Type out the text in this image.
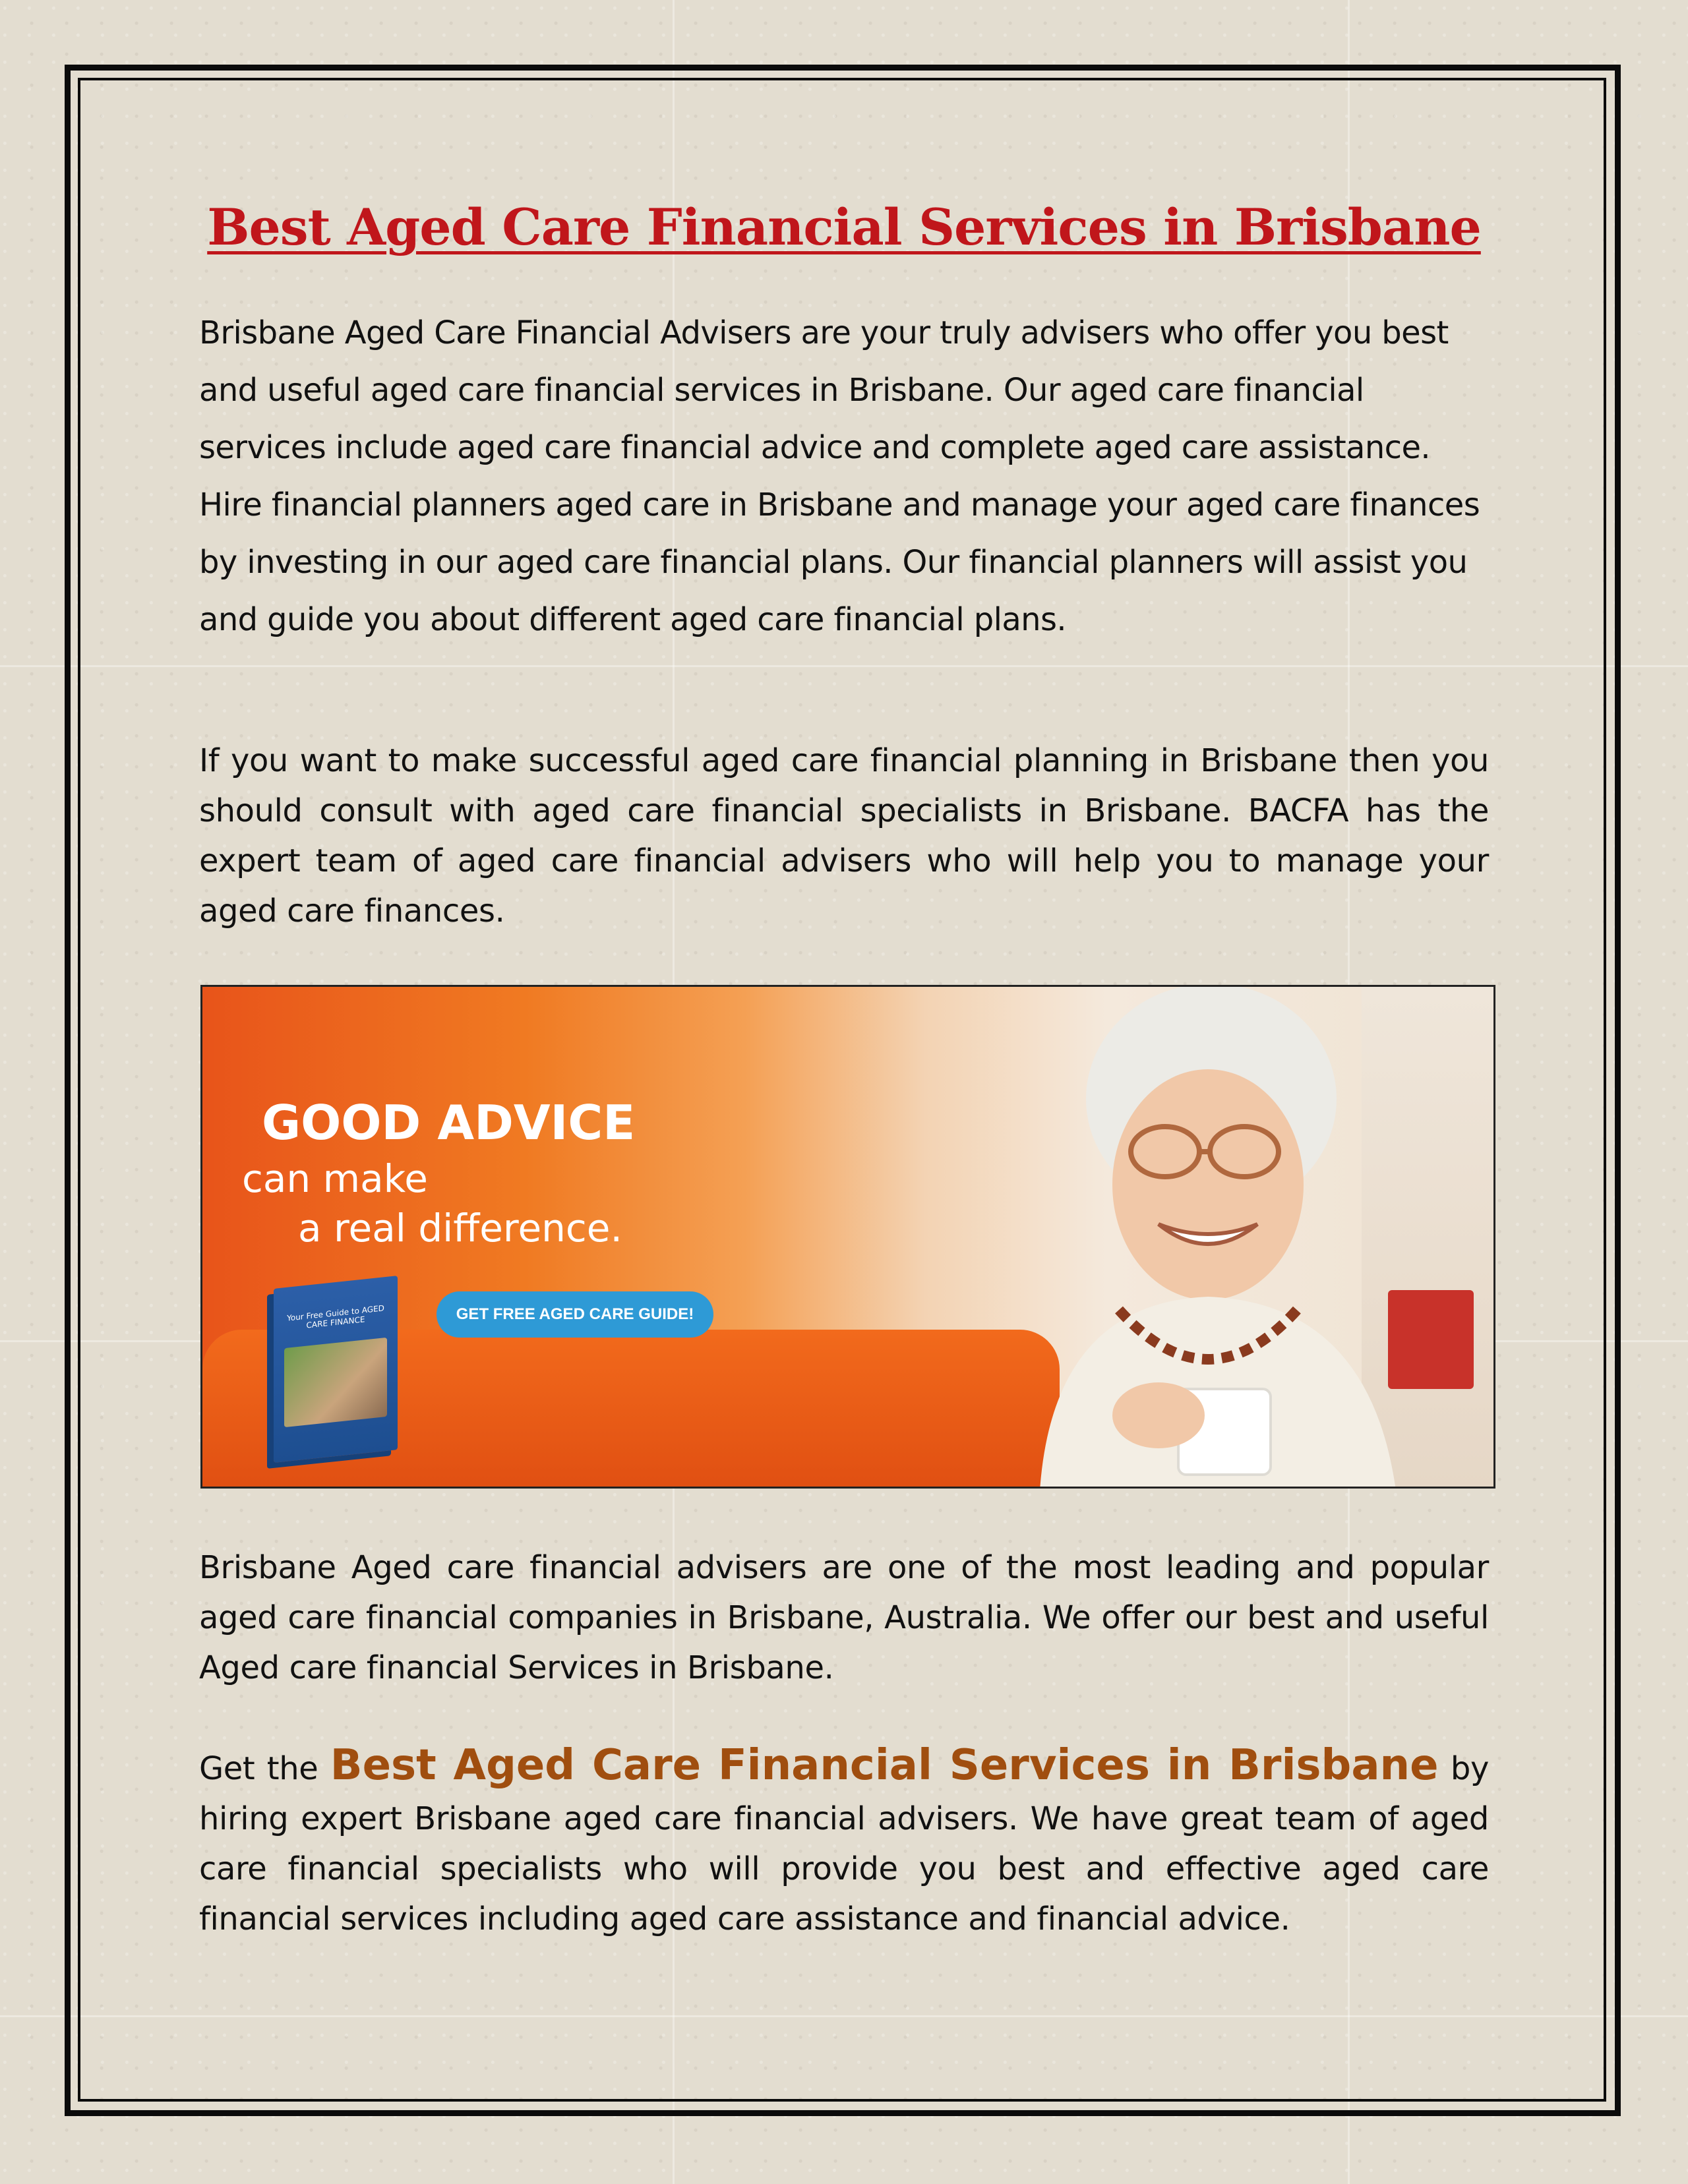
Best Aged Care Financial Services in Brisbane

Brisbane Aged Care Financial Advisers are your truly advisers who offer you best and useful aged care financial services in Brisbane. Our aged care financial services include aged care financial advice and complete aged care assistance. Hire financial planners aged care in Brisbane and manage your aged care finances by investing in our aged care financial plans. Our financial planners will assist you and guide you about different aged care financial plans.

If you want to make successful aged care financial planning in Brisbane then you should consult with aged care financial specialists in Brisbane. BACFA has the expert team of aged care financial advisers who will help you to manage your aged care finances.

GOOD ADVICE

can make

a real difference.

Your Free Guide to AGED CARE FINANCE	GET FREE AGED CARE GUIDE!

Brisbane Aged care financial advisers are one of the most leading and popular aged care financial companies in Brisbane, Australia. We offer our best and useful Aged care financial Services in Brisbane.

Get the Best Aged Care Financial Services in Brisbane by hiring expert Brisbane aged care financial advisers. We have great team of aged care financial specialists who will provide you best and effective aged care financial services including aged care assistance and financial advice.
